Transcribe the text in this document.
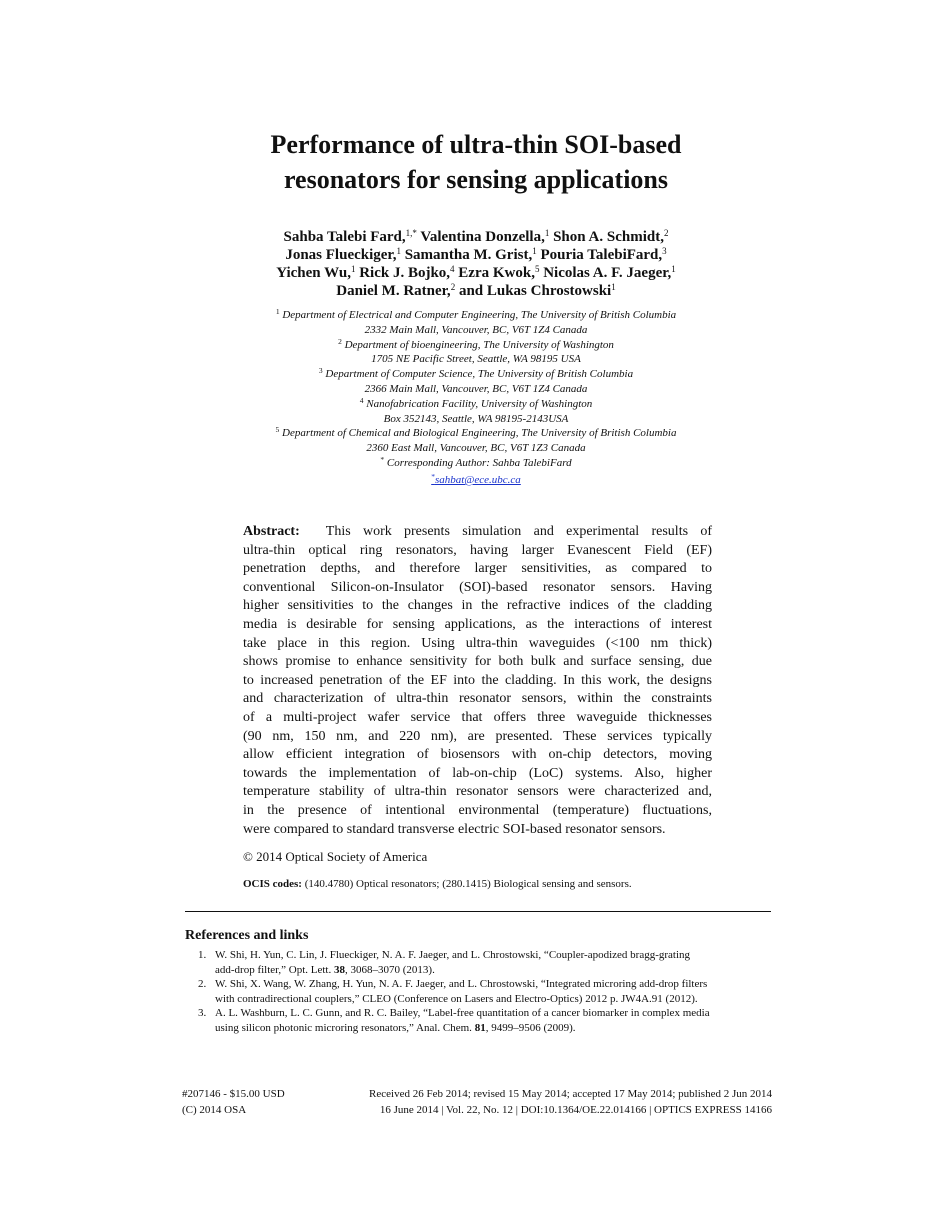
Performance of ultra-thin SOI-based
resonators for sensing applications
Sahba Talebi Fard,$^{1,*}$ Valentina Donzella,$^1$ Shon A. Schmidt,$^2$
Jonas Flueckiger,$^1$ Samantha M. Grist,$^1$ Pouria TalebiFard,$^3$
Yichen Wu,$^1$ Rick J. Bojko,$^4$ Ezra Kwok,$^5$ Nicolas A. F. Jaeger,$^1$
Daniel M. Ratner,$^2$ and Lukas Chrostowski$^1$
$^1$ Department of Electrical and Computer Engineering, The University of British Columbia
2332 Main Mall, Vancouver, BC, V6T 1Z4 Canada
$^2$ Department of bioengineering, The University of Washington
1705 NE Pacific Street, Seattle, WA 98195 USA
$^3$ Department of Computer Science, The University of British Columbia
2366 Main Mall, Vancouver, BC, V6T 1Z4 Canada
$^4$ Nanofabrication Facility, University of Washington
Box 352143, Seattle, WA 98195-2143USA
$^5$ Department of Chemical and Biological Engineering, The University of British Columbia
2360 East Mall, Vancouver, BC, V6T 1Z3 Canada
* Corresponding Author: Sahba TalebiFard
*sahbat@ece.ubc.ca
Abstract: This work presents simulation and experimental results of
ultra-thin optical ring resonators, having larger Evanescent Field (EF)
penetration depths, and therefore larger sensitivities, as compared to
conventional Silicon-on-Insulator (SOI)-based resonator sensors. Having
higher sensitivities to the changes in the refractive indices of the cladding
media is desirable for sensing applications, as the interactions of interest
take place in this region. Using ultra-thin waveguides (<100 nm thick)
shows promise to enhance sensitivity for both bulk and surface sensing, due
to increased penetration of the EF into the cladding. In this work, the designs
and characterization of ultra-thin resonator sensors, within the constraints
of a multi-project wafer service that offers three waveguide thicknesses
(90 nm, 150 nm, and 220 nm), are presented. These services typically
allow efficient integration of biosensors with on-chip detectors, moving
towards the implementation of lab-on-chip (LoC) systems. Also, higher
temperature stability of ultra-thin resonator sensors were characterized and,
in the presence of intentional environmental (temperature) fluctuations,
were compared to standard transverse electric SOI-based resonator sensors.
© 2014 Optical Society of America
OCIS codes: (140.4780) Optical resonators; (280.1415) Biological sensing and sensors.
References and links
1. W. Shi, H. Yun, C. Lin, J. Flueckiger, N. A. F. Jaeger, and L. Chrostowski, “Coupler-apodized bragg-grating
add-drop filter,” Opt. Lett. 38, 3068–3070 (2013).
2. W. Shi, X. Wang, W. Zhang, H. Yun, N. A. F. Jaeger, and L. Chrostowski, “Integrated microring add-drop filters
with contradirectional couplers,” CLEO (Conference on Lasers and Electro-Optics) 2012 p. JW4A.91 (2012).
3. A. L. Washburn, L. C. Gunn, and R. C. Bailey, “Label-free quantitation of a cancer biomarker in complex media
using silicon photonic microring resonators,” Anal. Chem. 81, 9499–9506 (2009).
#207146 - $15.00 USD	Received 26 Feb 2014; revised 15 May 2014; accepted 17 May 2014; published 2 Jun 2014
(C) 2014 OSA	16 June 2014 | Vol. 22, No. 12 | DOI:10.1364/OE.22.014166 | OPTICS EXPRESS 14166
